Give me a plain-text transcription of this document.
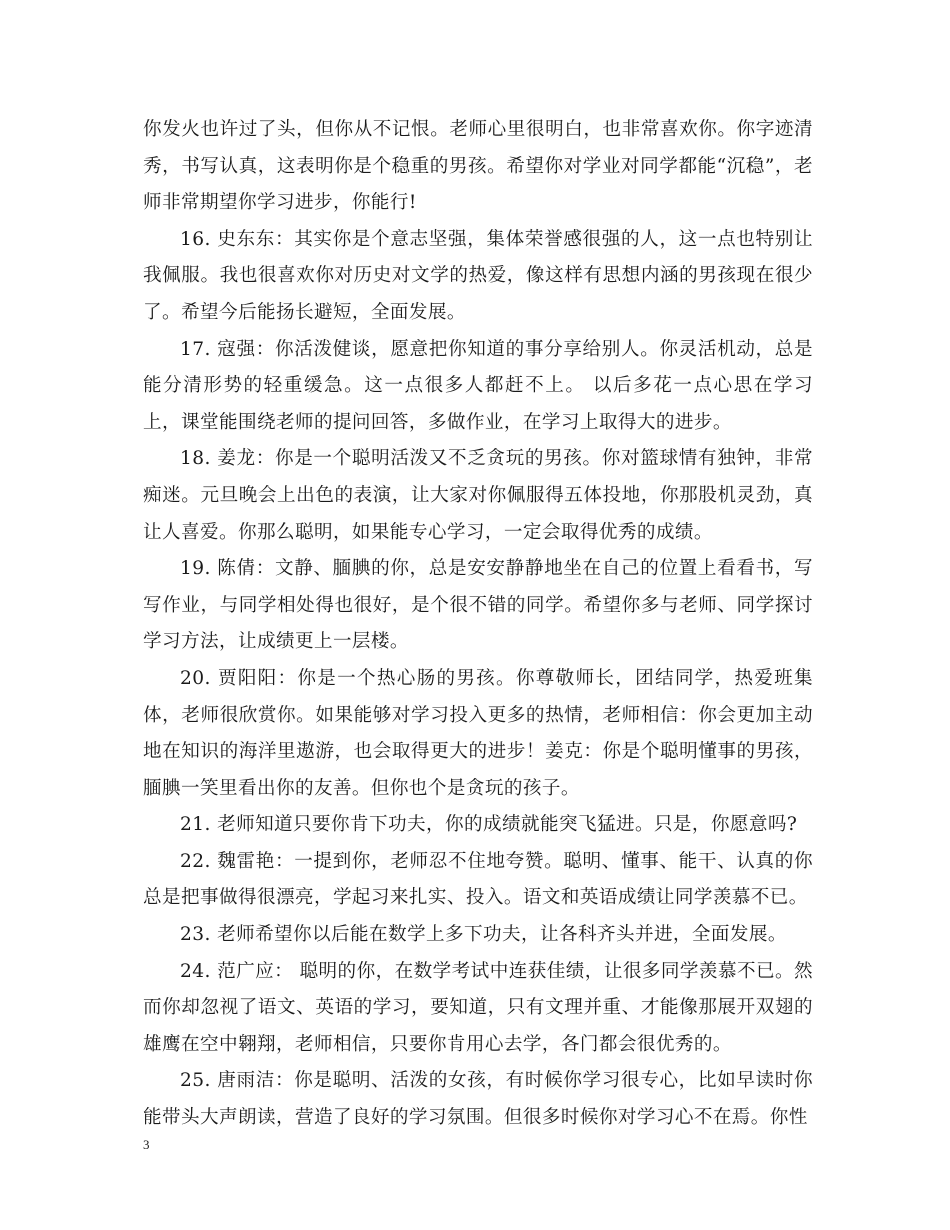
你发火也许过了头，但你从不记恨。老师心里很明白，也非常喜欢你。你字迹清秀，书写认真，这表明你是个稳重的男孩。希望你对学业对同学都能“沉稳”，老师非常期望你学习进步，你能行!

16. 史东东：其实你是个意志坚强，集体荣誉感很强的人，这一点也特别让我佩服。我也很喜欢你对历史对文学的热爱，像这样有思想内涵的男孩现在很少了。希望今后能扬长避短，全面发展。

17. 寇强：你活泼健谈，愿意把你知道的事分享给别人。你灵活机动，总是能分清形势的轻重缓急。这一点很多人都赶不上。 以后多花一点心思在学习上，课堂能围绕老师的提问回答，多做作业，在学习上取得大的进步。

18. 姜龙：你是一个聪明活泼又不乏贪玩的男孩。你对篮球情有独钟，非常痴迷。元旦晚会上出色的表演，让大家对你佩服得五体投地，你那股机灵劲，真让人喜爱。你那么聪明，如果能专心学习，一定会取得优秀的成绩。

19. 陈倩：文静、腼腆的你，总是安安静静地坐在自己的位置上看看书，写写作业，与同学相处得也很好，是个很不错的同学。希望你多与老师、同学探讨学习方法，让成绩更上一层楼。

20. 贾阳阳：你是一个热心肠的男孩。你尊敬师长，团结同学，热爱班集体，老师很欣赏你。如果能够对学习投入更多的热情，老师相信：你会更加主动地在知识的海洋里遨游，也会取得更大的进步！姜克：你是个聪明懂事的男孩，腼腆一笑里看出你的友善。但你也个是贪玩的孩子。

21. 老师知道只要你肯下功夫，你的成绩就能突飞猛进。只是，你愿意吗?

22. 魏雷艳：一提到你，老师忍不住地夸赞。聪明、懂事、能干、认真的你总是把事做得很漂亮，学起习来扎实、投入。语文和英语成绩让同学羡慕不已。

23. 老师希望你以后能在数学上多下功夫，让各科齐头并进，全面发展。

24. 范广应： 聪明的你，在数学考试中连获佳绩，让很多同学羡慕不已。然而你却忽视了语文、英语的学习，要知道，只有文理并重、才能像那展开双翅的雄鹰在空中翱翔，老师相信，只要你肯用心去学，各门都会很优秀的。

25. 唐雨洁：你是聪明、活泼的女孩，有时候你学习很专心，比如早读时你能带头大声朗读，营造了良好的学习氛围。但很多时候你对学习心不在焉。你性

3
